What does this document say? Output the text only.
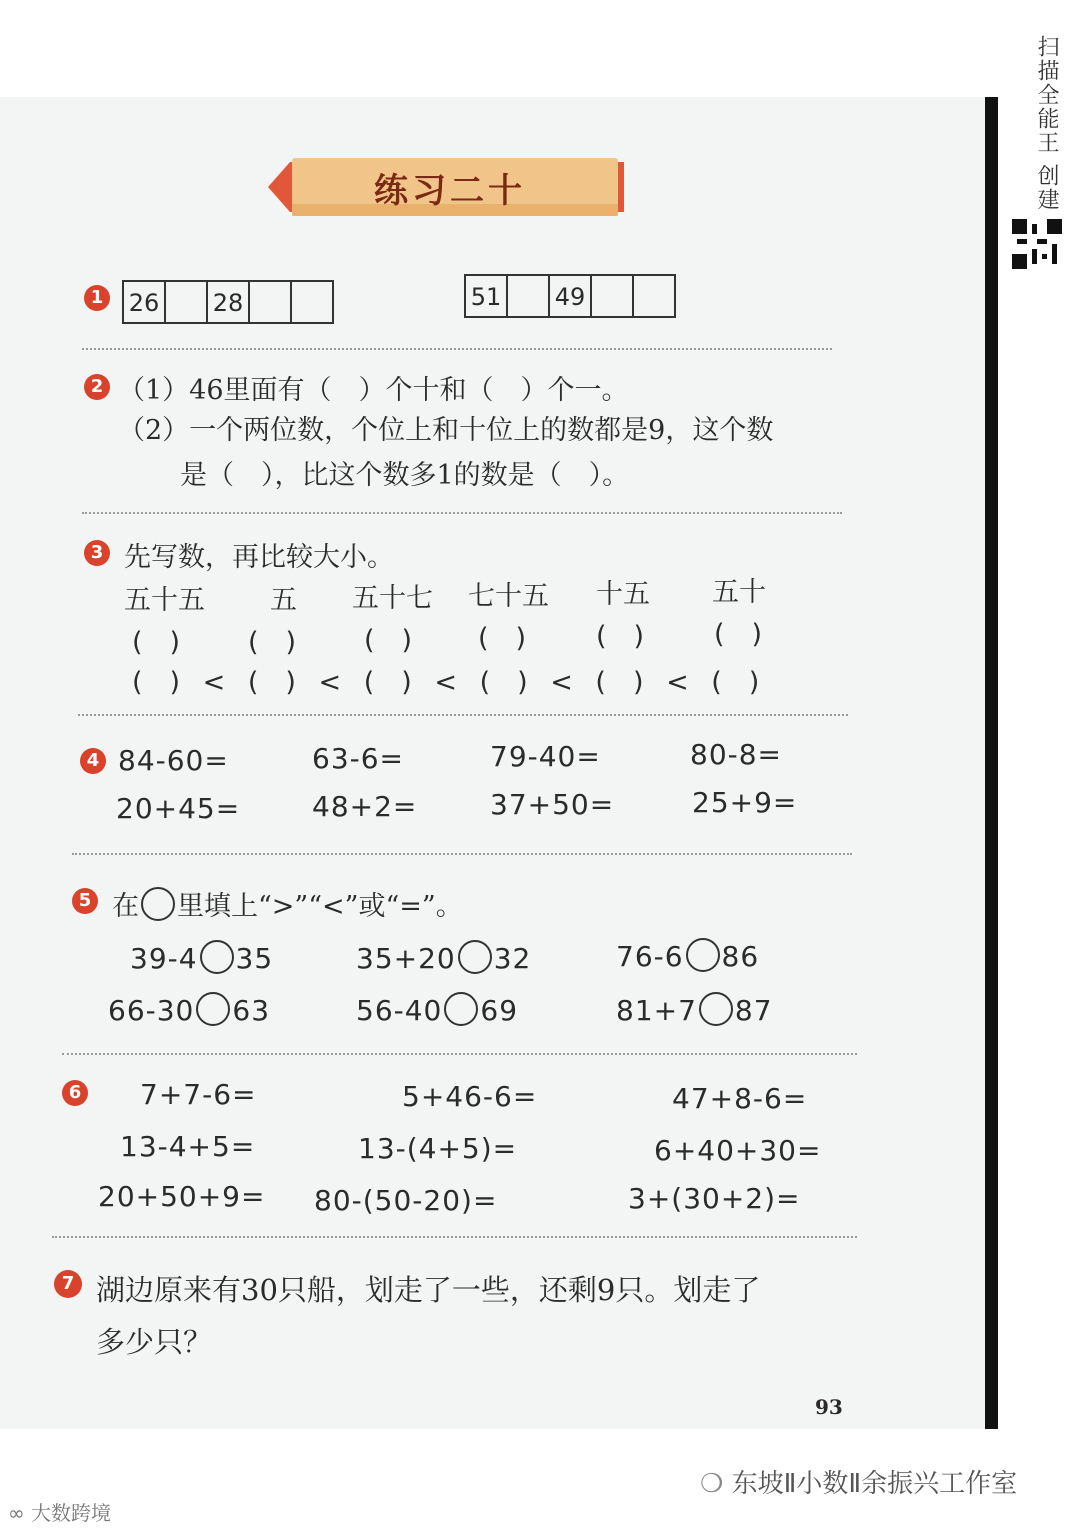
扫描全能王 创建
练习二十
1 26 28	51 49
2 （1）46里面有（　）个十和（　）个一。
（2）一个两位数，个位上和十位上的数都是9，这个数
是（　），比这个数多1的数是（　）。
3 先写数，再比较大小。
五十五 五 五十七 七十五 十五 五十
(　)	(　)	(　) (　)	(　)	(　)
(　) < (　) < (　) < (　) < (　) < (　)
4 84-60=	63-6=	79-40=	80-8=
20+45=	48+2=	37+50=	25+9=
5 在 里填上“>”“<”或“=”。
39-4 35	35+20 32	76-6 86
66-30 63	56-40 69	81+7 87
6 7+7-6=	5+46-6=	47+8-6=
13-4+5=	13-(4+5)=	6+40+30=
20+50+9= 80-(50-20)=	3+(30+2)=
7 湖边原来有30只船，划走了一些，还剩9只。划走了
多少只？
93
❍ 东坡Ⅱ小数Ⅱ余振兴工作室
∞ 大数跨境
